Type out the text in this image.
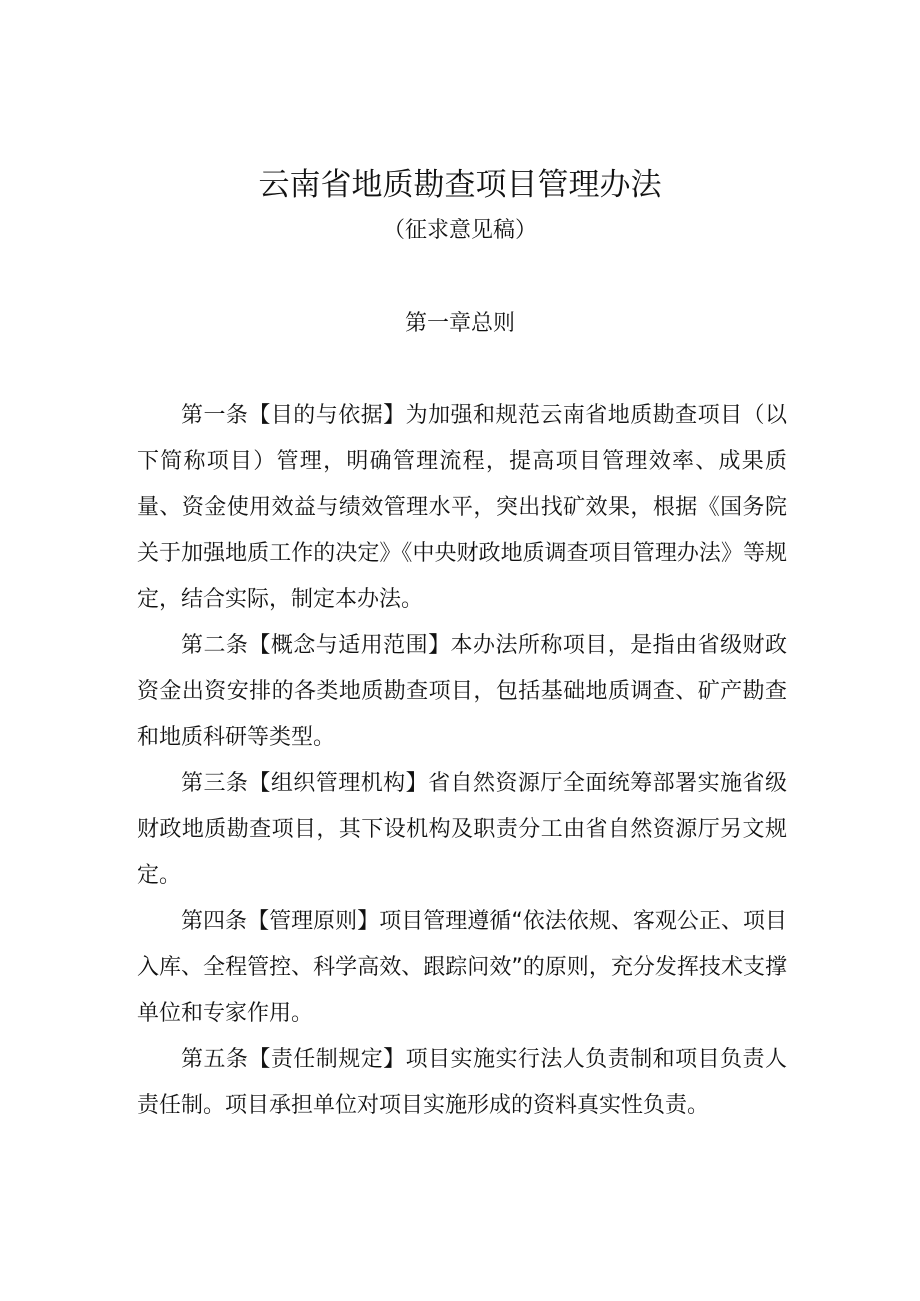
云南省地质勘查项目管理办法
（征求意见稿）
第一章总则

第一条【目的与依据】为加强和规范云南省地质勘查项目（以下简称项目）管理，明确管理流程，提高项目管理效率、成果质量、资金使用效益与绩效管理水平，突出找矿效果，根据《国务院关于加强地质工作的决定》《中央财政地质调查项目管理办法》等规定，结合实际，制定本办法。

第二条【概念与适用范围】本办法所称项目，是指由省级财政资金出资安排的各类地质勘查项目，包括基础地质调查、矿产勘查和地质科研等类型。

第三条【组织管理机构】省自然资源厅全面统筹部署实施省级财政地质勘查项目，其下设机构及职责分工由省自然资源厅另文规定。

第四条【管理原则】项目管理遵循“依法依规、客观公正、项目入库、全程管控、科学高效、跟踪问效”的原则，充分发挥技术支撑单位和专家作用。

第五条【责任制规定】项目实施实行法人负责制和项目负责人责任制。项目承担单位对项目实施形成的资料真实性负责。
